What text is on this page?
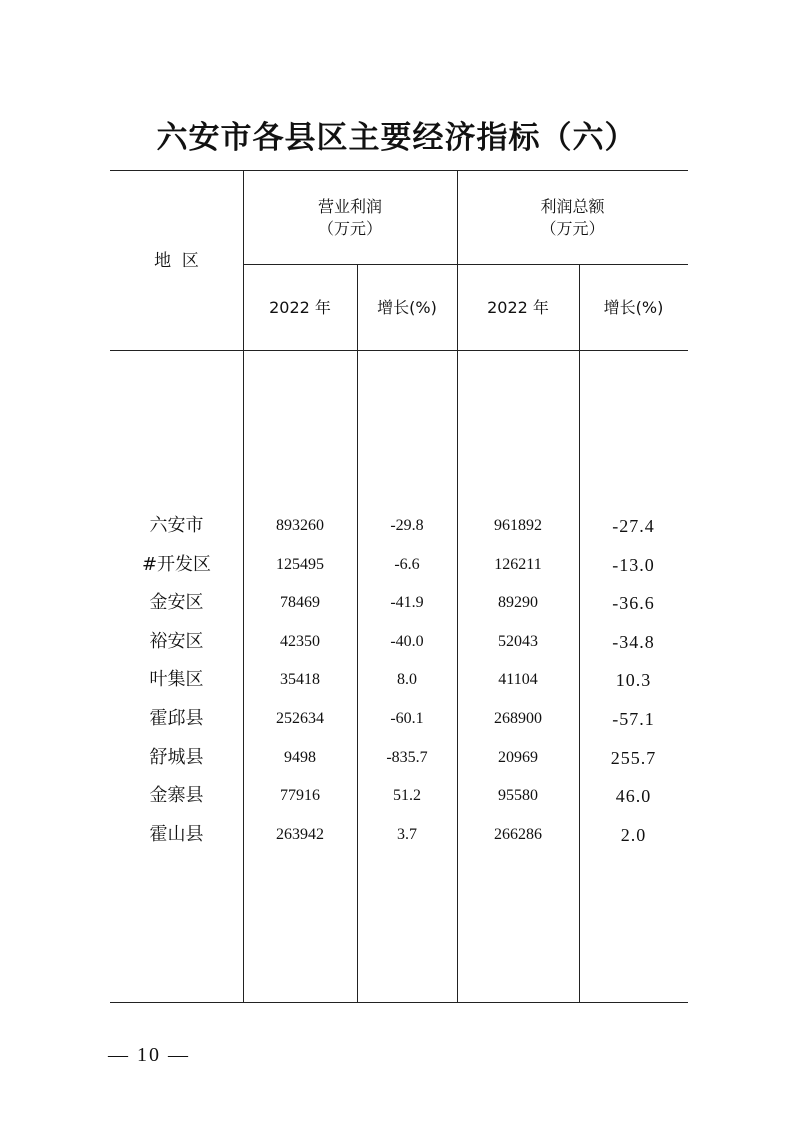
六安市各县区主要经济指标（六）
地  区
营业利润
（万元）
利润总额
（万元）
2022 年	增长(%)	2022 年	增长(%)
六安市	893260	-29.8	961892	-27.4
#开发区	125495	-6.6	126211	-13.0
金安区	78469	-41.9	89290	-36.6
裕安区	42350	-40.0	52043	-34.8
叶集区	35418	8.0	41104	10.3
霍邱县	252634	-60.1	268900	-57.1
舒城县	9498	-835.7	20969	255.7
金寨县	77916	51.2	95580	46.0
霍山县	263942	3.7	266286	2.0
— 10 —
